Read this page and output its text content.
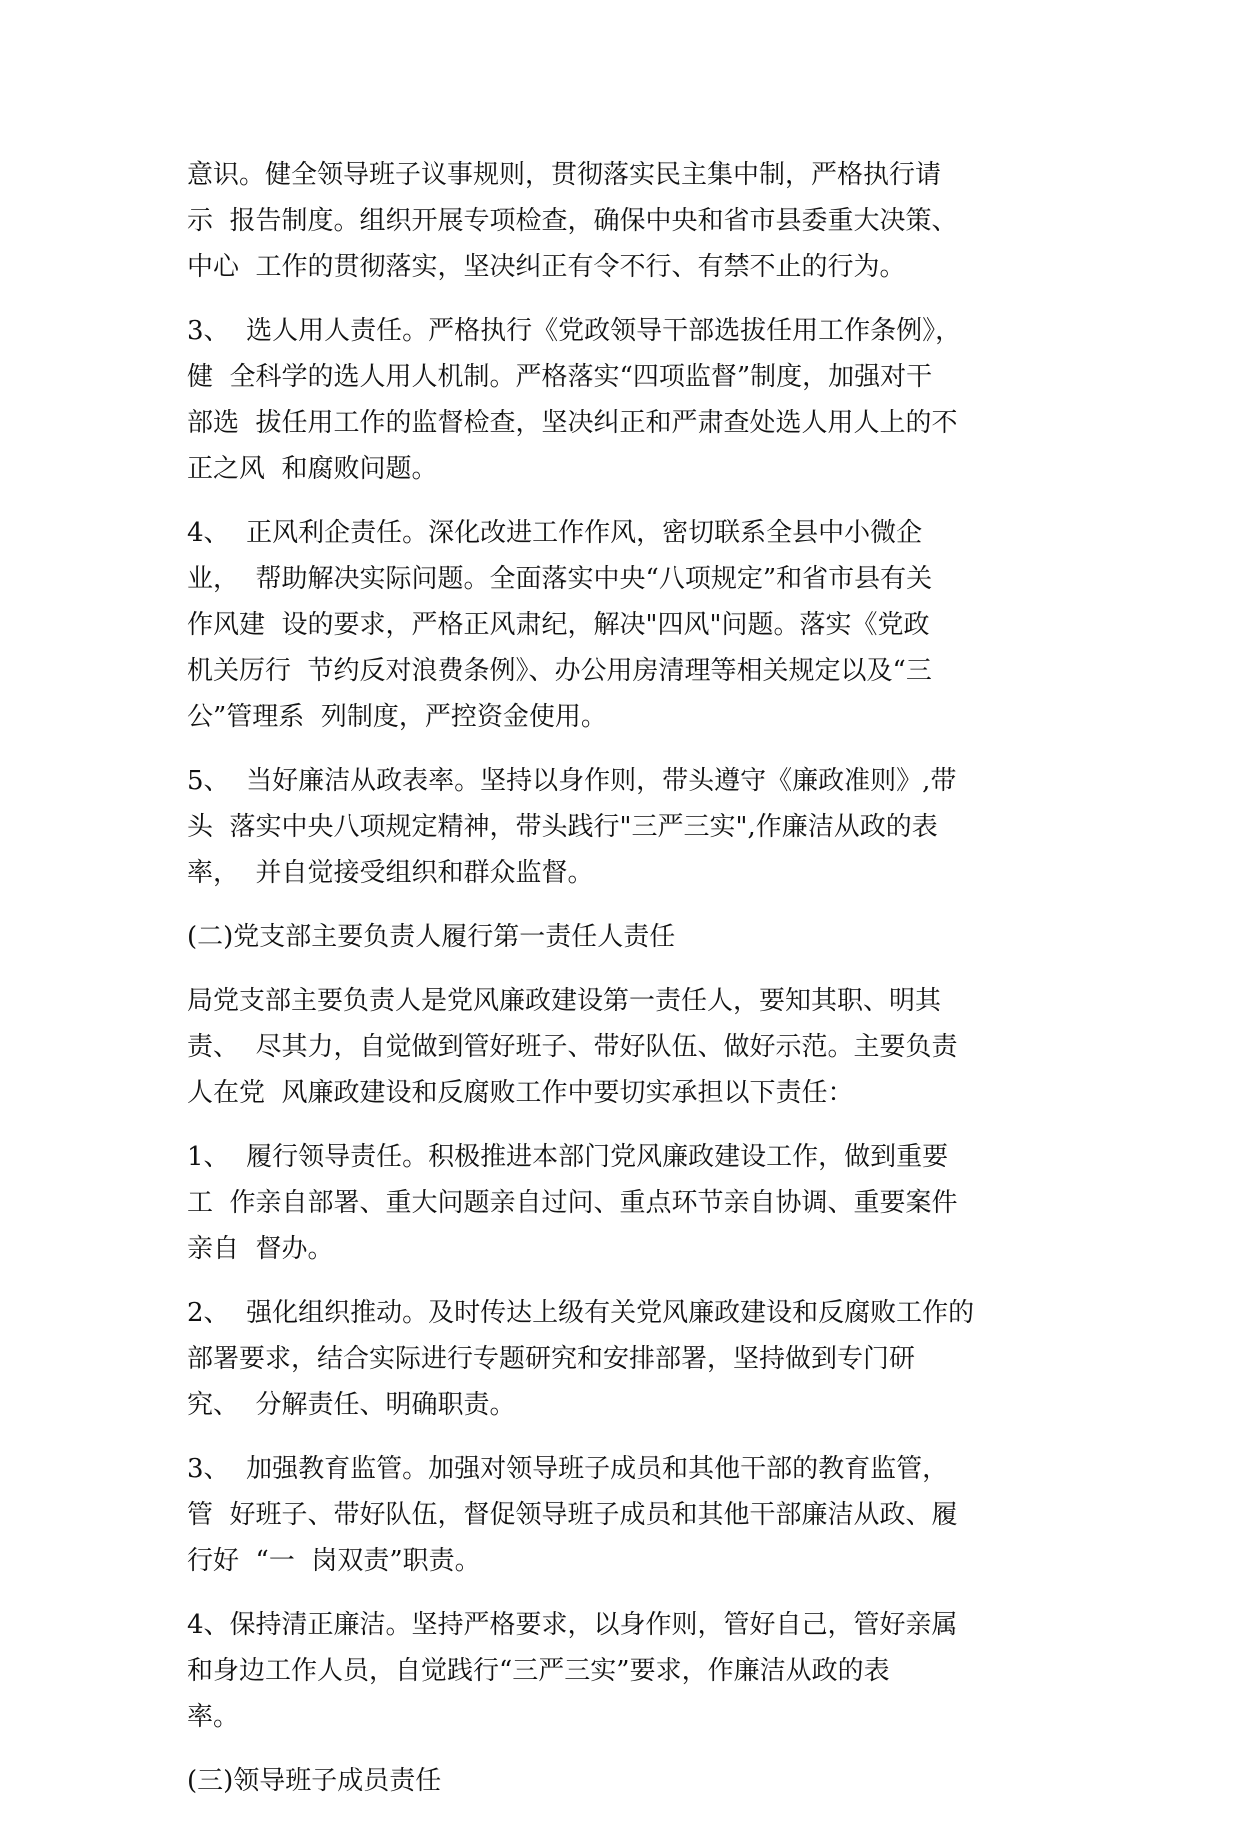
意识。健全领导班子议事规则，贯彻落实民主集中制，严格执行请
示  报告制度。组织开展专项检查，确保中央和省市县委重大决策、
中心  工作的贯彻落实，坚决纠正有令不行、有禁不止的行为。
3、  选人用人责任。严格执行《党政领导干部选拔任用工作条例》，
健  全科学的选人用人机制。严格落实“四项监督”制度，加强对干
部选  拔任用工作的监督检查，坚决纠正和严肃查处选人用人上的不
正之风  和腐败问题。
4、  正风利企责任。深化改进工作作风，密切联系全县中小微企
业，  帮助解决实际问题。全面落实中央“八项规定”和省市县有关
作风建  设的要求，严格正风肃纪，解决"四风"问题。落实《党政
机关厉行  节约反对浪费条例》、办公用房清理等相关规定以及“三
公”管理系  列制度，严控资金使用。
5、  当好廉洁从政表率。坚持以身作则，带头遵守《廉政准则》,带
头  落实中央八项规定精神，带头践行"三严三实",作廉洁从政的表
率，  并自觉接受组织和群众监督。
(二)党支部主要负责人履行第一责任人责任
局党支部主要负责人是党风廉政建设第一责任人，要知其职、明其
责、  尽其力，自觉做到管好班子、带好队伍、做好示范。主要负责
人在党  风廉政建设和反腐败工作中要切实承担以下责任：
1、  履行领导责任。积极推进本部门党风廉政建设工作，做到重要
工  作亲自部署、重大问题亲自过问、重点环节亲自协调、重要案件
亲自  督办。
2、  强化组织推动。及时传达上级有关党风廉政建设和反腐败工作的
部署要求，结合实际进行专题研究和安排部署，坚持做到专门研
究、  分解责任、明确职责。
3、  加强教育监管。加强对领导班子成员和其他干部的教育监管，
管  好班子、带好队伍，督促领导班子成员和其他干部廉洁从政、履
行好  “一  岗双责”职责。
4、保持清正廉洁。坚持严格要求，以身作则，管好自己，管好亲属
和身边工作人员，自觉践行“三严三实”要求，作廉洁从政的表
率。
(三)领导班子成员责任
